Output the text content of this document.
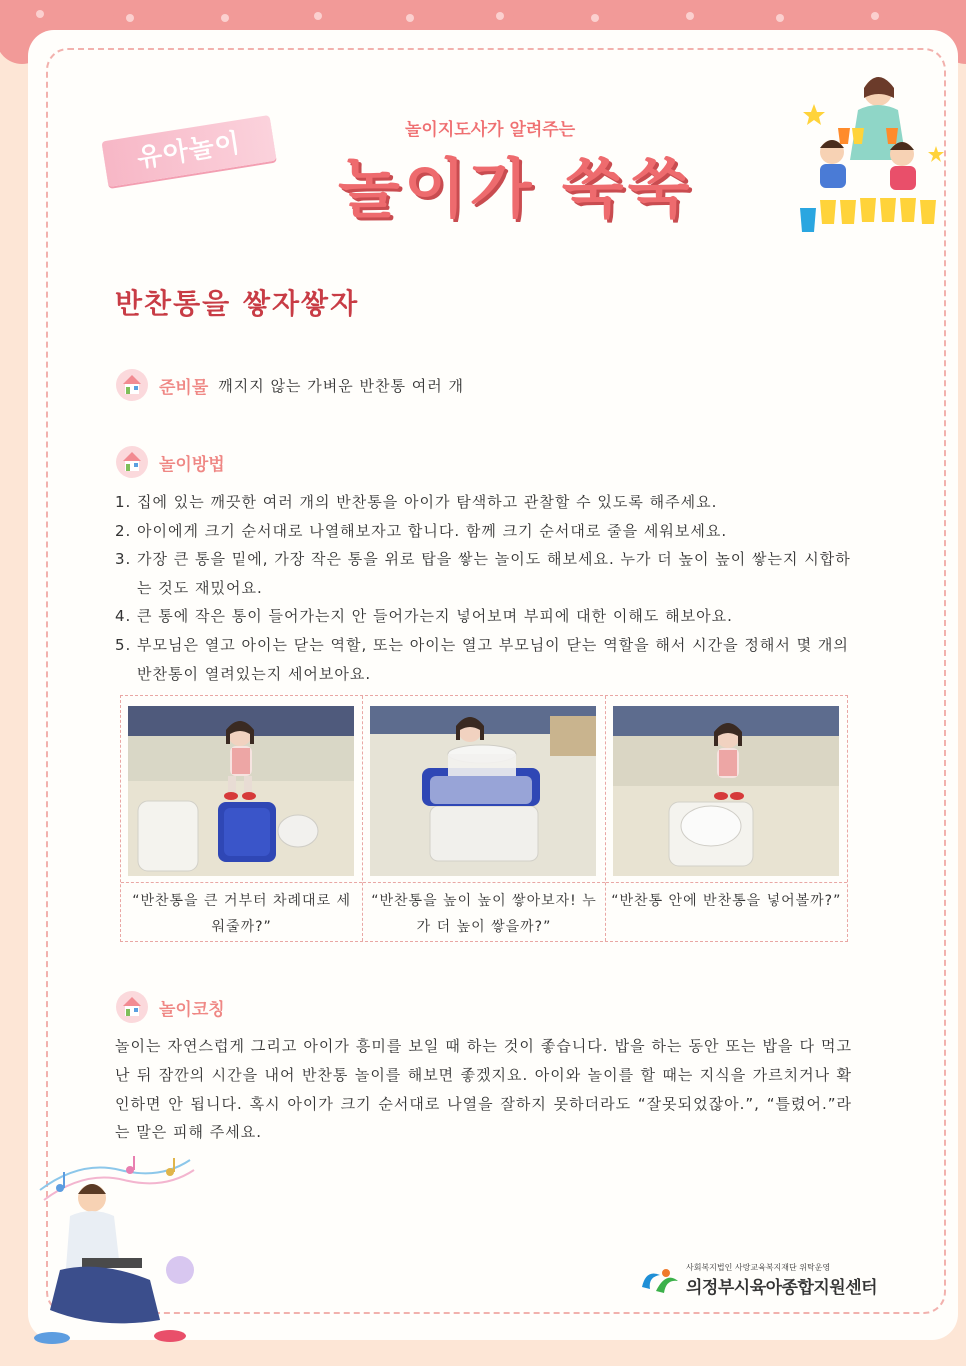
유아놀이	놀이지도사가 알려주는
놀이가 쑥쑥
반찬통을 쌓자쌓자
준비물 깨지지 않는 가벼운 반찬통 여러 개
놀이방법
1. 집에 있는 깨끗한 여러 개의 반찬통을 아이가 탐색하고 관찰할 수 있도록 해주세요.
2. 아이에게 크기 순서대로 나열해보자고 합니다. 함께 크기 순서대로 줄을 세워보세요.
3. 가장 큰 통을 밑에, 가장 작은 통을 위로 탑을 쌓는 놀이도 해보세요. 누가 더 높이 높이 쌓는지 시합하는 것도 재밌어요.
4. 큰 통에 작은 통이 들어가는지 안 들어가는지 넣어보며 부피에 대한 이해도 해보아요.
5. 부모님은 열고 아이는 닫는 역할, 또는 아이는 열고 부모님이 닫는 역할을 해서 시간을 정해서 몇 개의 반찬통이 열려있는지 세어보아요.
“반찬통을 큰 거부터 차례대로 세워줄까?”
“반찬통을 높이 높이 쌓아보자! 누가 더 높이 쌓을까?”
“반찬통 안에 반찬통을 넣어볼까?”
놀이코칭
놀이는 자연스럽게 그리고 아이가 흥미를 보일 때 하는 것이 좋습니다. 밥을 하는 동안 또는 밥을 다 먹고 난 뒤 잠깐의 시간을 내어 반찬통 놀이를 해보면 좋겠지요. 아이와 놀이를 할 때는 지식을 가르치거나 확인하면 안 됩니다. 혹시 아이가 크기 순서대로 나열을 잘하지 못하더라도 “잘못되었잖아.”, “틀렸어.”라는 말은 피해 주세요.
사회복지법인 사랑교육복지재단 위탁운영
의정부시육아종합지원센터
